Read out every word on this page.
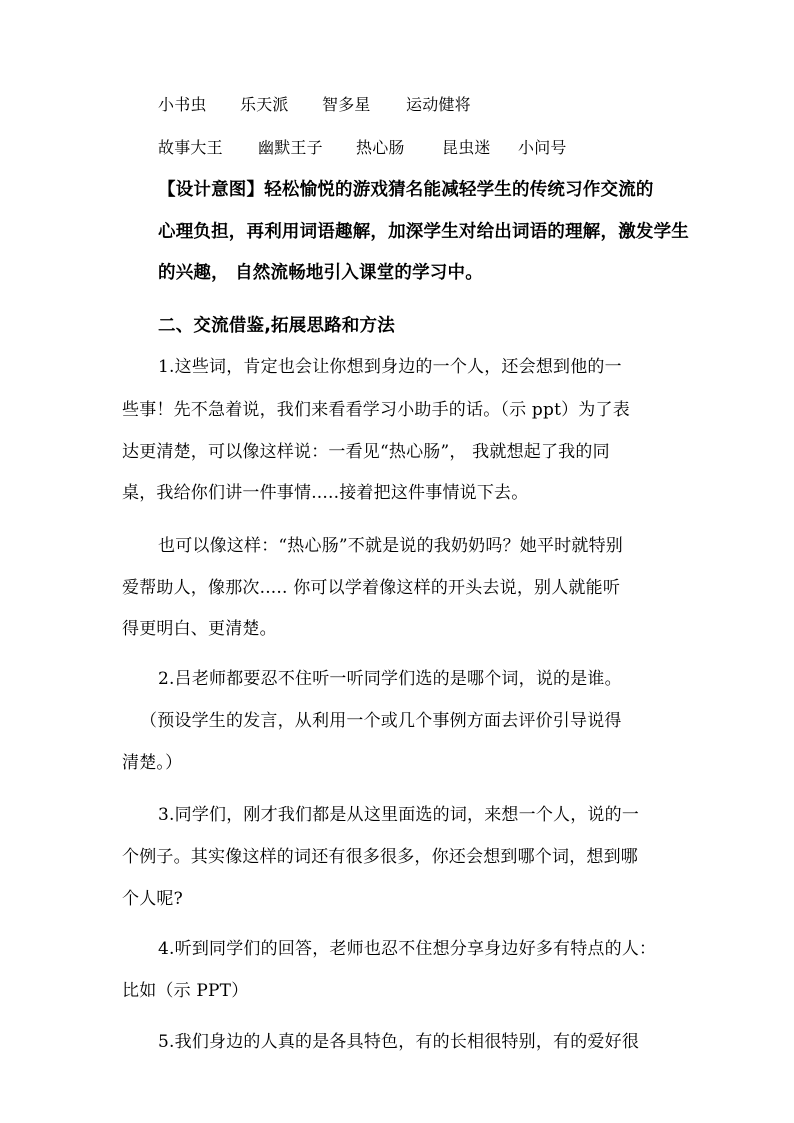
小书虫 乐天派 智多星 运动健将
故事大王 幽默王子 热心肠 昆虫迷 小问号
【设计意图】轻松愉悦的游戏猜名能减轻学生的传统习作交流的
心理负担，再利用词语趣解，加深学生对给出词语的理解，激发学生
的兴趣， 自然流畅地引入课堂的学习中。
二、交流借鉴,拓展思路和方法
1.这些词，肯定也会让你想到身边的一个人，还会想到他的一
些事！先不急着说，我们来看看学习小助手的话。（示 ppt）为了表
达更清楚，可以像这样说：一看见“热心肠”， 我就想起了我的同
桌，我给你们讲一件事情.....接着把这件事情说下去。
也可以像这样：“热心肠”不就是说的我奶奶吗？她平时就特别
爱帮助人，像那次..... 你可以学着像这样的开头去说，别人就能听
得更明白、更清楚。
2.吕老师都要忍不住听一听同学们选的是哪个词，说的是谁。
（预设学生的发言，从利用一个或几个事例方面去评价引导说得
清楚。）
3.同学们，刚才我们都是从这里面选的词，来想一个人，说的一
个例子。其实像这样的词还有很多很多，你还会想到哪个词，想到哪
个人呢?
4.听到同学们的回答，老师也忍不住想分享身边好多有特点的人：
比如（示 PPT）
5.我们身边的人真的是各具特色，有的长相很特别，有的爱好很
